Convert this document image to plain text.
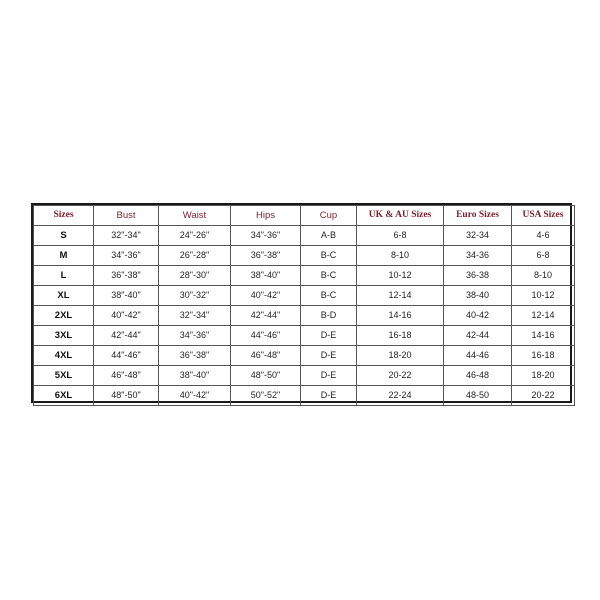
Sizes	Bust	Waist	Hips	Cup	UK & AU Sizes	Euro Sizes	USA Sizes
S	32"-34"	24"-26"	34"-36"	A-B	6-8	32-34	4-6
M	34"-36"	26"-28"	36"-38"	B-C	8-10	34-36	6-8
L	36"-38"	28"-30"	38"-40"	B-C	10-12	36-38	8-10
XL	38"-40"	30"-32"	40"-42"	B-C	12-14	38-40	10-12
2XL	40"-42"	32"-34"	42"-44"	B-D	14-16	40-42	12-14
3XL	42"-44"	34"-36"	44"-46"	D-E	16-18	42-44	14-16
4XL	44"-46"	36"-38"	46"-48"	D-E	18-20	44-46	16-18
5XL	46"-48"	38"-40"	48"-50"	D-E	20-22	46-48	18-20
6XL	48"-50"	40"-42"	50"-52"	D-E	22-24	48-50	20-22
